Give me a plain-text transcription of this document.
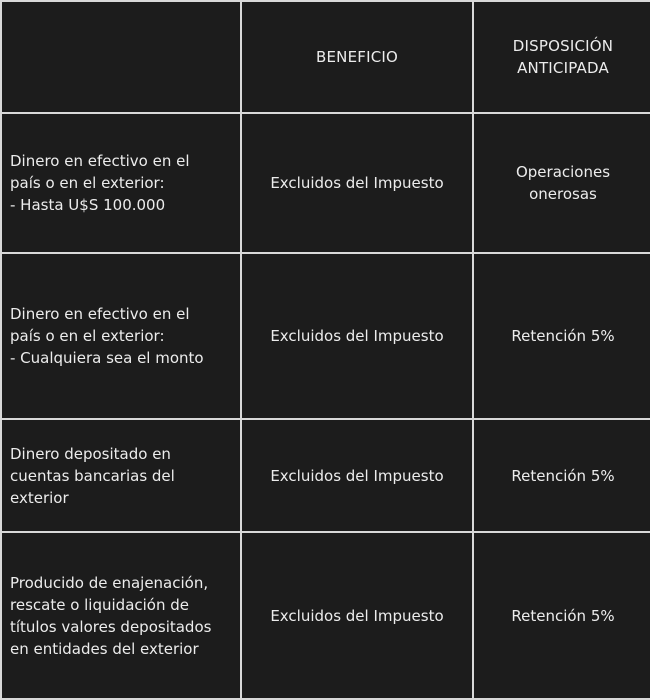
	BENEFICIO	DISPOSICIÓN
ANTICIPADA

Dinero en efectivo en el
país o en el exterior:
- Hasta U$S 100.000	Excluidos del Impuesto	Operaciones
onerosas

Dinero en efectivo en el
país o en el exterior:
- Cualquiera sea el monto	Excluidos del Impuesto	Retención 5%

Dinero depositado en
cuentas bancarias del
exterior	Excluidos del Impuesto	Retención 5%

Producido de enajenación,
rescate o liquidación de
títulos valores depositados
en entidades del exterior	Excluidos del Impuesto	Retención 5%
